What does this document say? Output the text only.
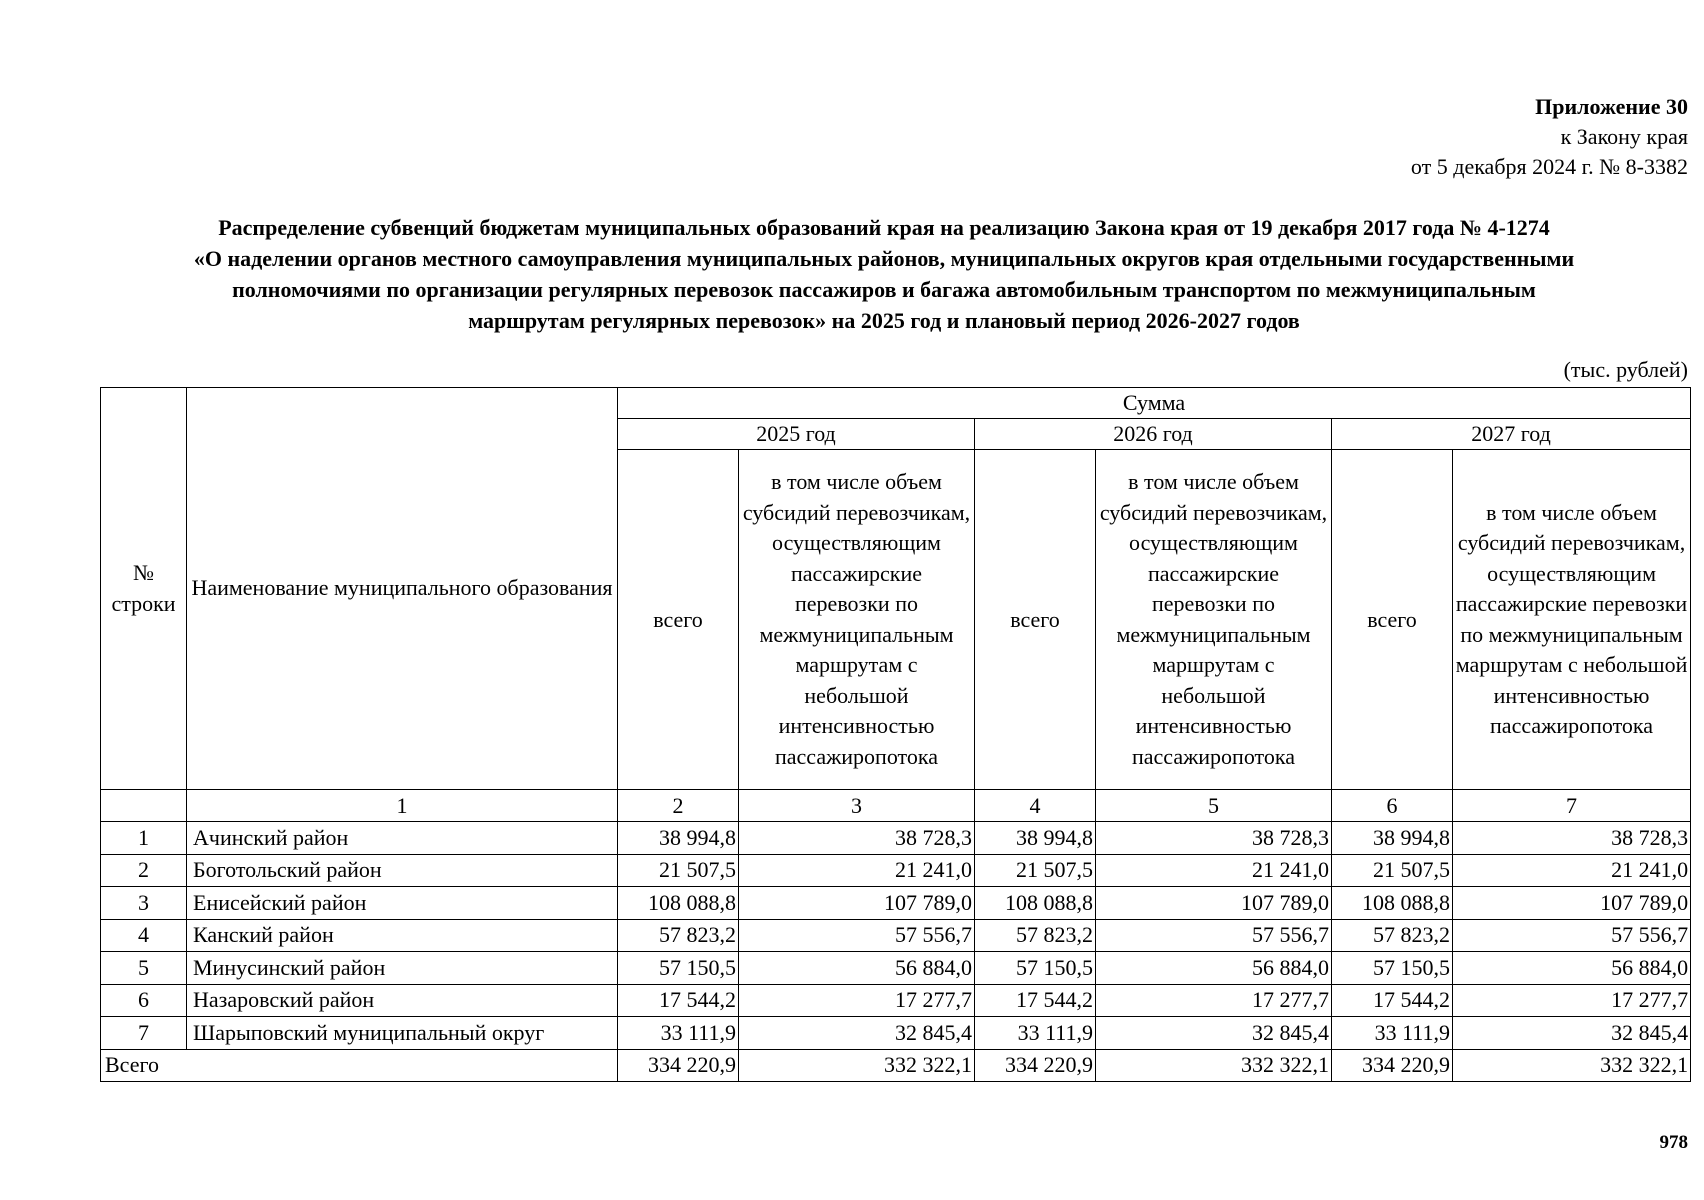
Приложение 30
к Закону края
от 5 декабря 2024 г. № 8-3382
Распределение субвенций бюджетам муниципальных образований края на реализацию Закона края от 19 декабря 2017 года № 4-1274
«О наделении органов местного самоуправления муниципальных районов, муниципальных округов края отдельными государственными
полномочиями по организации регулярных перевозок пассажиров и багажа автомобильным транспортом по межмуниципальным
маршрутам регулярных перевозок» на 2025 год и плановый период 2026-2027 годов
(тыс. рублей)
№ строки	Наименование муниципального образования	Сумма					
		2025 год		2026 год		2027 год	
		всего	в том числе объем субсидий перевозчикам, осуществляющим пассажирские перевозки по межмуниципальным маршрутам с небольшой интенсивностью пассажиропотока	всего	в том числе объем субсидий перевозчикам, осуществляющим пассажирские перевозки по межмуниципальным маршрутам с небольшой интенсивностью пассажиропотока	всего	в том числе объем субсидий перевозчикам, осуществляющим пассажирские перевозки по межмуниципальным маршрутам с небольшой интенсивностью пассажиропотока
	1	2	3	4	5	6	7
1	Ачинский район	38 994,8	38 728,3	38 994,8	38 728,3	38 994,8	38 728,3
2	Боготольский район	21 507,5	21 241,0	21 507,5	21 241,0	21 507,5	21 241,0
3	Енисейский район	108 088,8	107 789,0	108 088,8	107 789,0	108 088,8	107 789,0
4	Канский район	57 823,2	57 556,7	57 823,2	57 556,7	57 823,2	57 556,7
5	Минусинский район	57 150,5	56 884,0	57 150,5	56 884,0	57 150,5	56 884,0
6	Назаровский район	17 544,2	17 277,7	17 544,2	17 277,7	17 544,2	17 277,7
7	Шарыповский муниципальный округ	33 111,9	32 845,4	33 111,9	32 845,4	33 111,9	32 845,4
Всего		334 220,9	332 322,1	334 220,9	332 322,1	334 220,9	332 322,1
978
